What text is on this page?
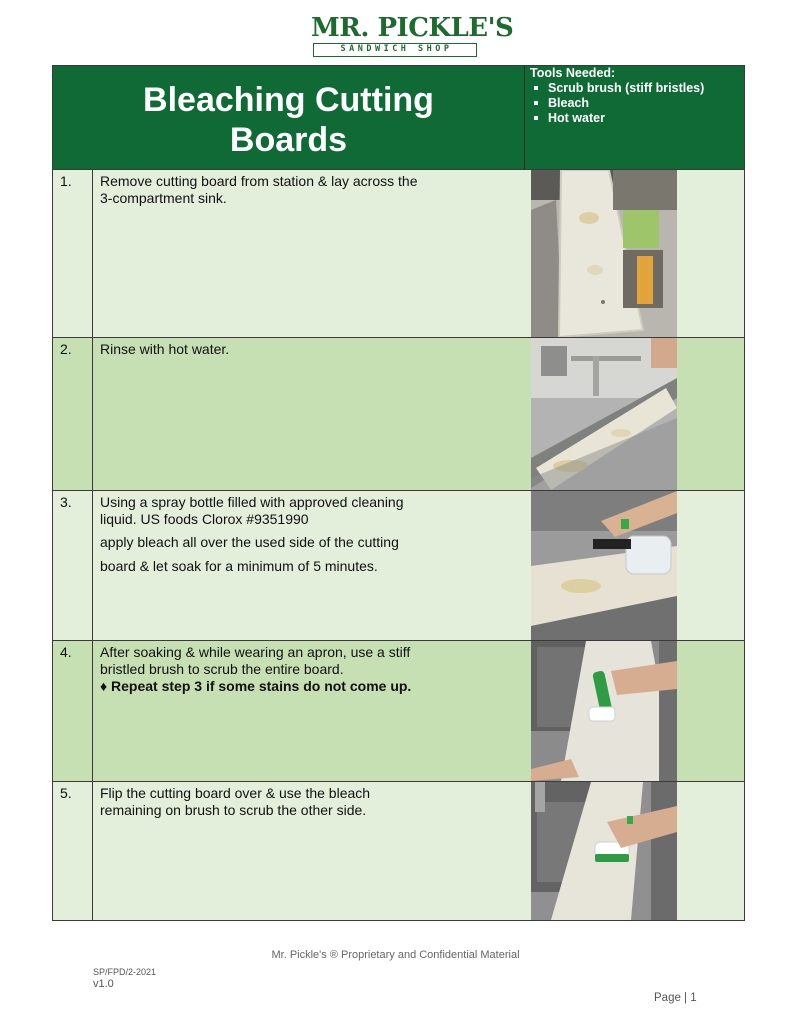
MR. PICKLE'S
SANDWICH SHOP
Bleaching Cutting
Boards
Tools Needed:
Scrub brush (stiff bristles)
Bleach
Hot water
1.	Remove cutting board from station & lay across the

3-compartment sink.

2.	Rinse with hot water.

3.	Using a spray bottle filled with approved cleaning

liquid. US foods Clorox #9351990

apply bleach all over the used side of the cutting

board & let soak for a minimum of 5 minutes.

4.	After soaking & while wearing an apron, use a stiff

bristled brush to scrub the entire board.

♦ Repeat step 3 if some stains do not come up.

5.	Flip the cutting board over & use the bleach

remaining on brush to scrub the other side.

Mr. Pickle's ® Proprietary and Confidential Material
SP/FPD/2-2021
v1.0
Page | 1
